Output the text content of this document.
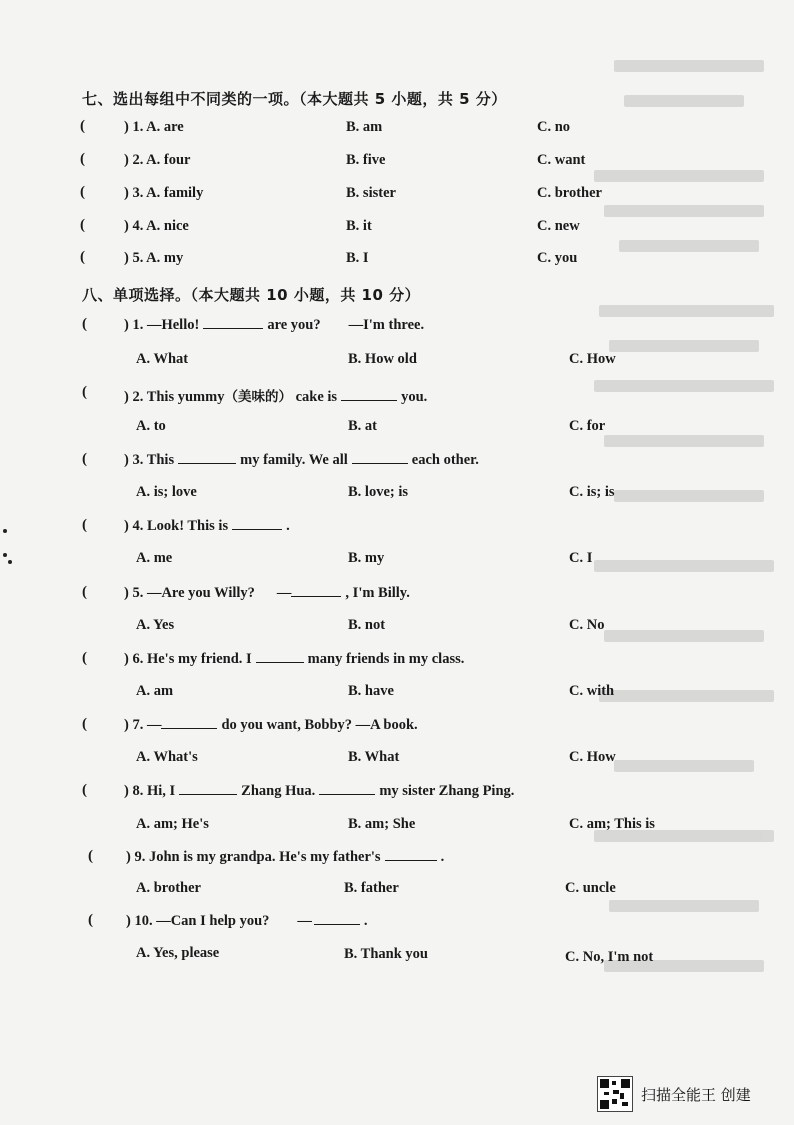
七、选出每组中不同类的一项。（本大题共 5 小题，共 5 分）
(	) 1. A. are	B. am	C. no
(	) 2. A. four	B. five	C. want
(	) 3. A. family	B. sister	C. brother
(	) 4. A. nice	B. it	C. new
(	) 5. A. my	B. I	C. you
八、单项选择。（本大题共 10 小题，共 10 分）
(	) 1. —Hello!	are you? —I'm three.
A. What	B. How old	C. How
(	) 2. This yummy（美味的） cake is	you.
A. to	B. at	C. for
(	) 3. This	my family. We all	each other.
A. is; love	B. love; is	C. is; is
(	) 4. Look! This is	.
A. me	B. my	C. I
(	) 5. —Are you Willy? —	, I'm Billy.
A. Yes	B. not	C. No
(	) 6. He's my friend. I	many friends in my class.
A. am	B. have	C. with
(	) 7. —	do you want, Bobby? —A book.
A. What's	B. What	C. How
(	) 8. Hi, I	Zhang Hua.	my sister Zhang Ping.
A. am; He's	B. am; She	C. am; This is
( ) 9. John is my grandpa. He's my father's	.
A. brother	B. father	C. uncle
( ) 10. —Can I help you? —	.
A. Yes, please	B. Thank you	C. No, I'm not
扫描全能王 创建
